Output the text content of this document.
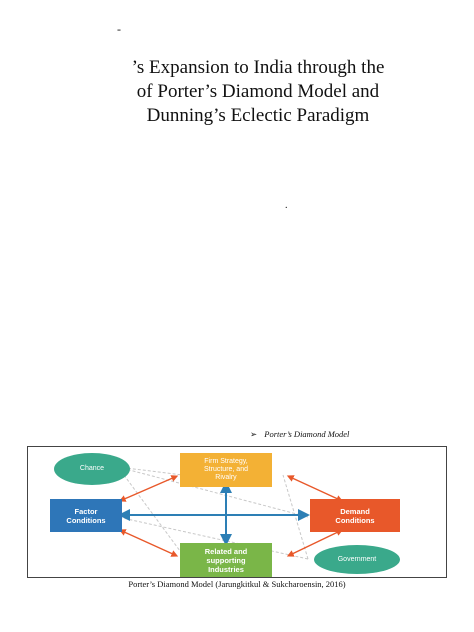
-
’s Expansion to India through the
of Porter’s Diamond Model and
Dunning’s Eclectic Paradigm
.
➢ Porter’s Diamond Model
Chance
Firm Strategy,
Structure, and
Rivalry
Factor
Conditions
Demand
Conditions
Related and
supporting
Industries
Government
Porter’s Diamond Model (Jarungkitkul & Sukcharoensin, 2016)
